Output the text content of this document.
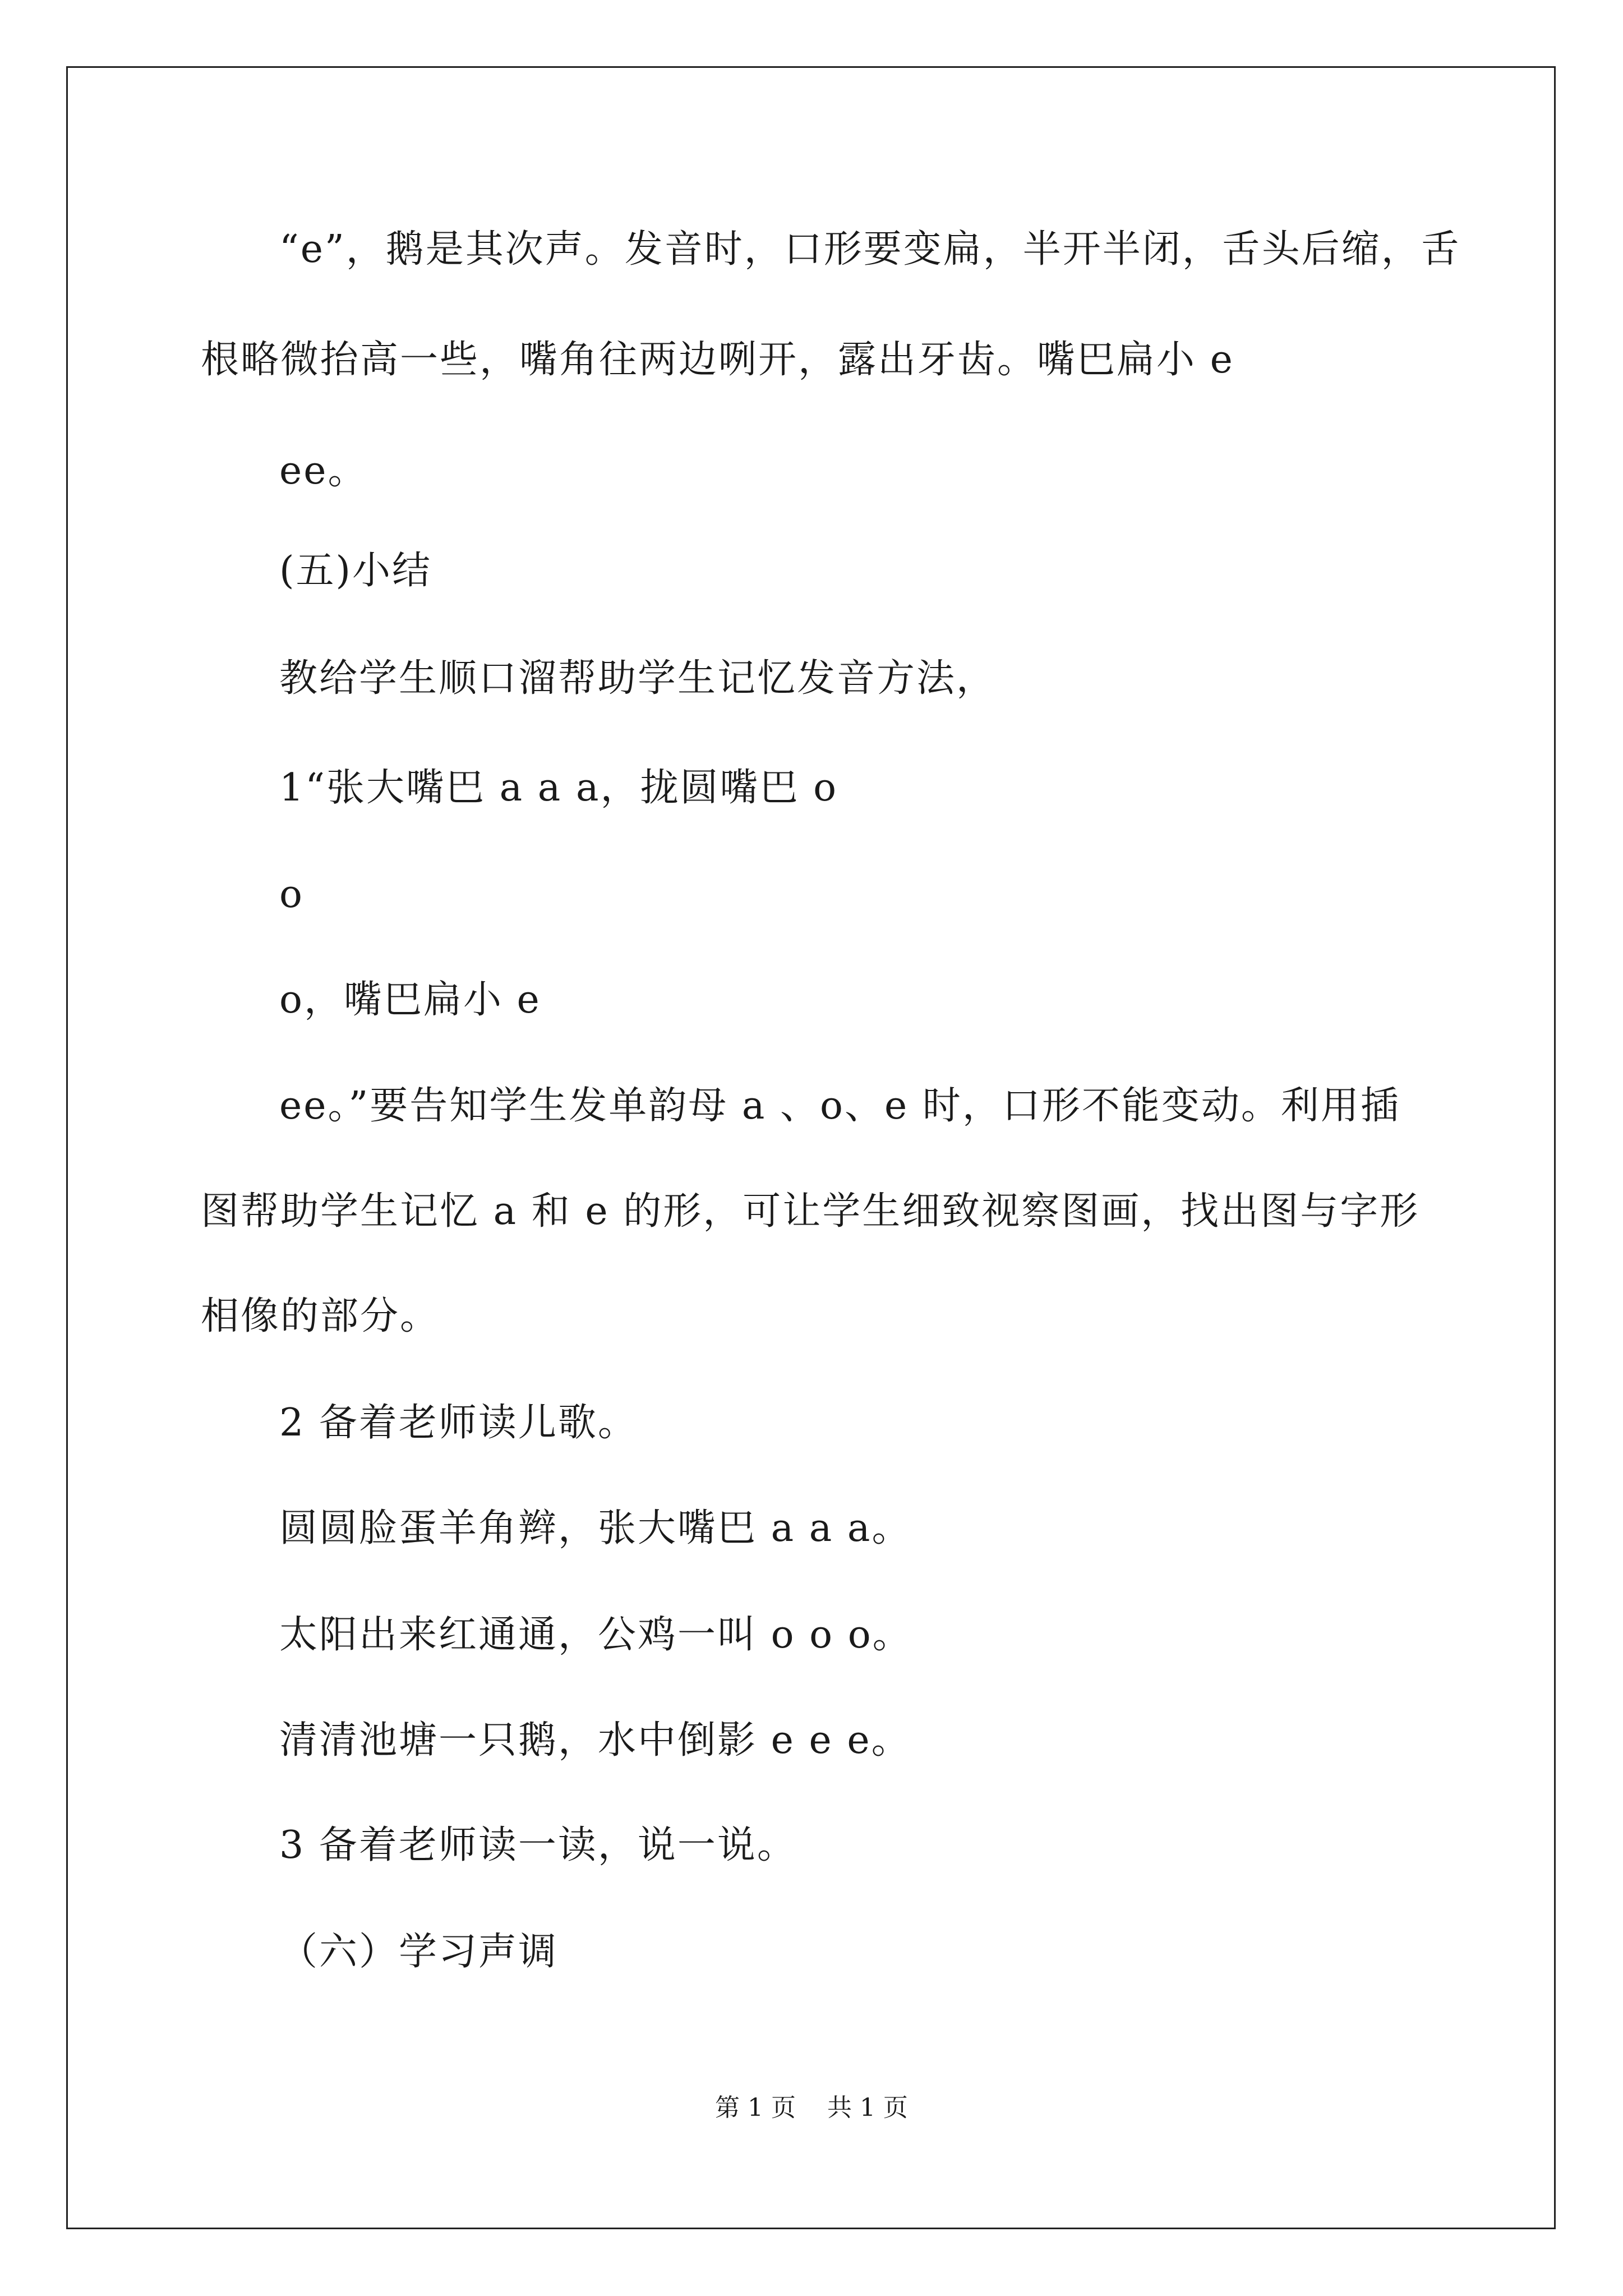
“e”，鹅是其次声。发音时，口形要变扁，半开半闭，舌头后缩，舌
根略微抬高一些，嘴角往两边咧开，露出牙齿。嘴巴扁小 e
ee。
(五)小结
教给学生顺口溜帮助学生记忆发音方法，
1“张大嘴巴 a a a，拢圆嘴巴 o
o
o，嘴巴扁小 e
ee。”要告知学生发单韵母 a 、o、e 时，口形不能变动。利用插
图帮助学生记忆 a 和 e 的形，可让学生细致视察图画，找出图与字形
相像的部分。
2 备着老师读儿歌。
圆圆脸蛋羊角辫，张大嘴巴 a a a。
太阳出来红通通，公鸡一叫 o o o。
清清池塘一只鹅，水中倒影 e e e。
3 备着老师读一读，说一说。
（六）学习声调
第 1 页    共 1 页
